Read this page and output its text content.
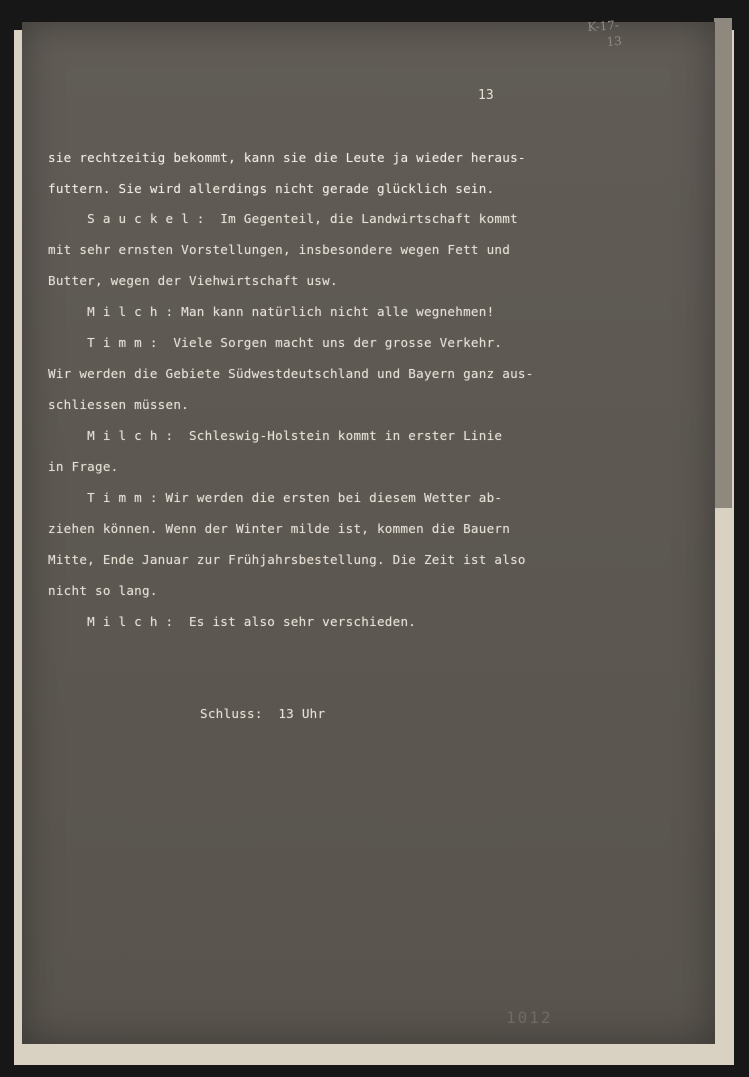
K-17-
13
13
sie rechtzeitig bekommt, kann sie die Leute ja wieder heraus-
futtern. Sie wird allerdings nicht gerade glücklich sein.
S a u c k e l :  Im Gegenteil, die Landwirtschaft kommt
mit sehr ernsten Vorstellungen, insbesondere wegen Fett und
Butter, wegen der Viehwirtschaft usw.
M i l c h : Man kann natürlich nicht alle wegnehmen!
T i m m :  Viele Sorgen macht uns der grosse Verkehr.
Wir werden die Gebiete Südwestdeutschland und Bayern ganz aus-
schliessen müssen.
M i l c h :  Schleswig-Holstein kommt in erster Linie
in Frage.
T i m m : Wir werden die ersten bei diesem Wetter ab-
ziehen können. Wenn der Winter milde ist, kommen die Bauern
Mitte, Ende Januar zur Frühjahrsbestellung. Die Zeit ist also
nicht so lang.
M i l c h :  Es ist also sehr verschieden.
Schluss:  13 Uhr
1012
